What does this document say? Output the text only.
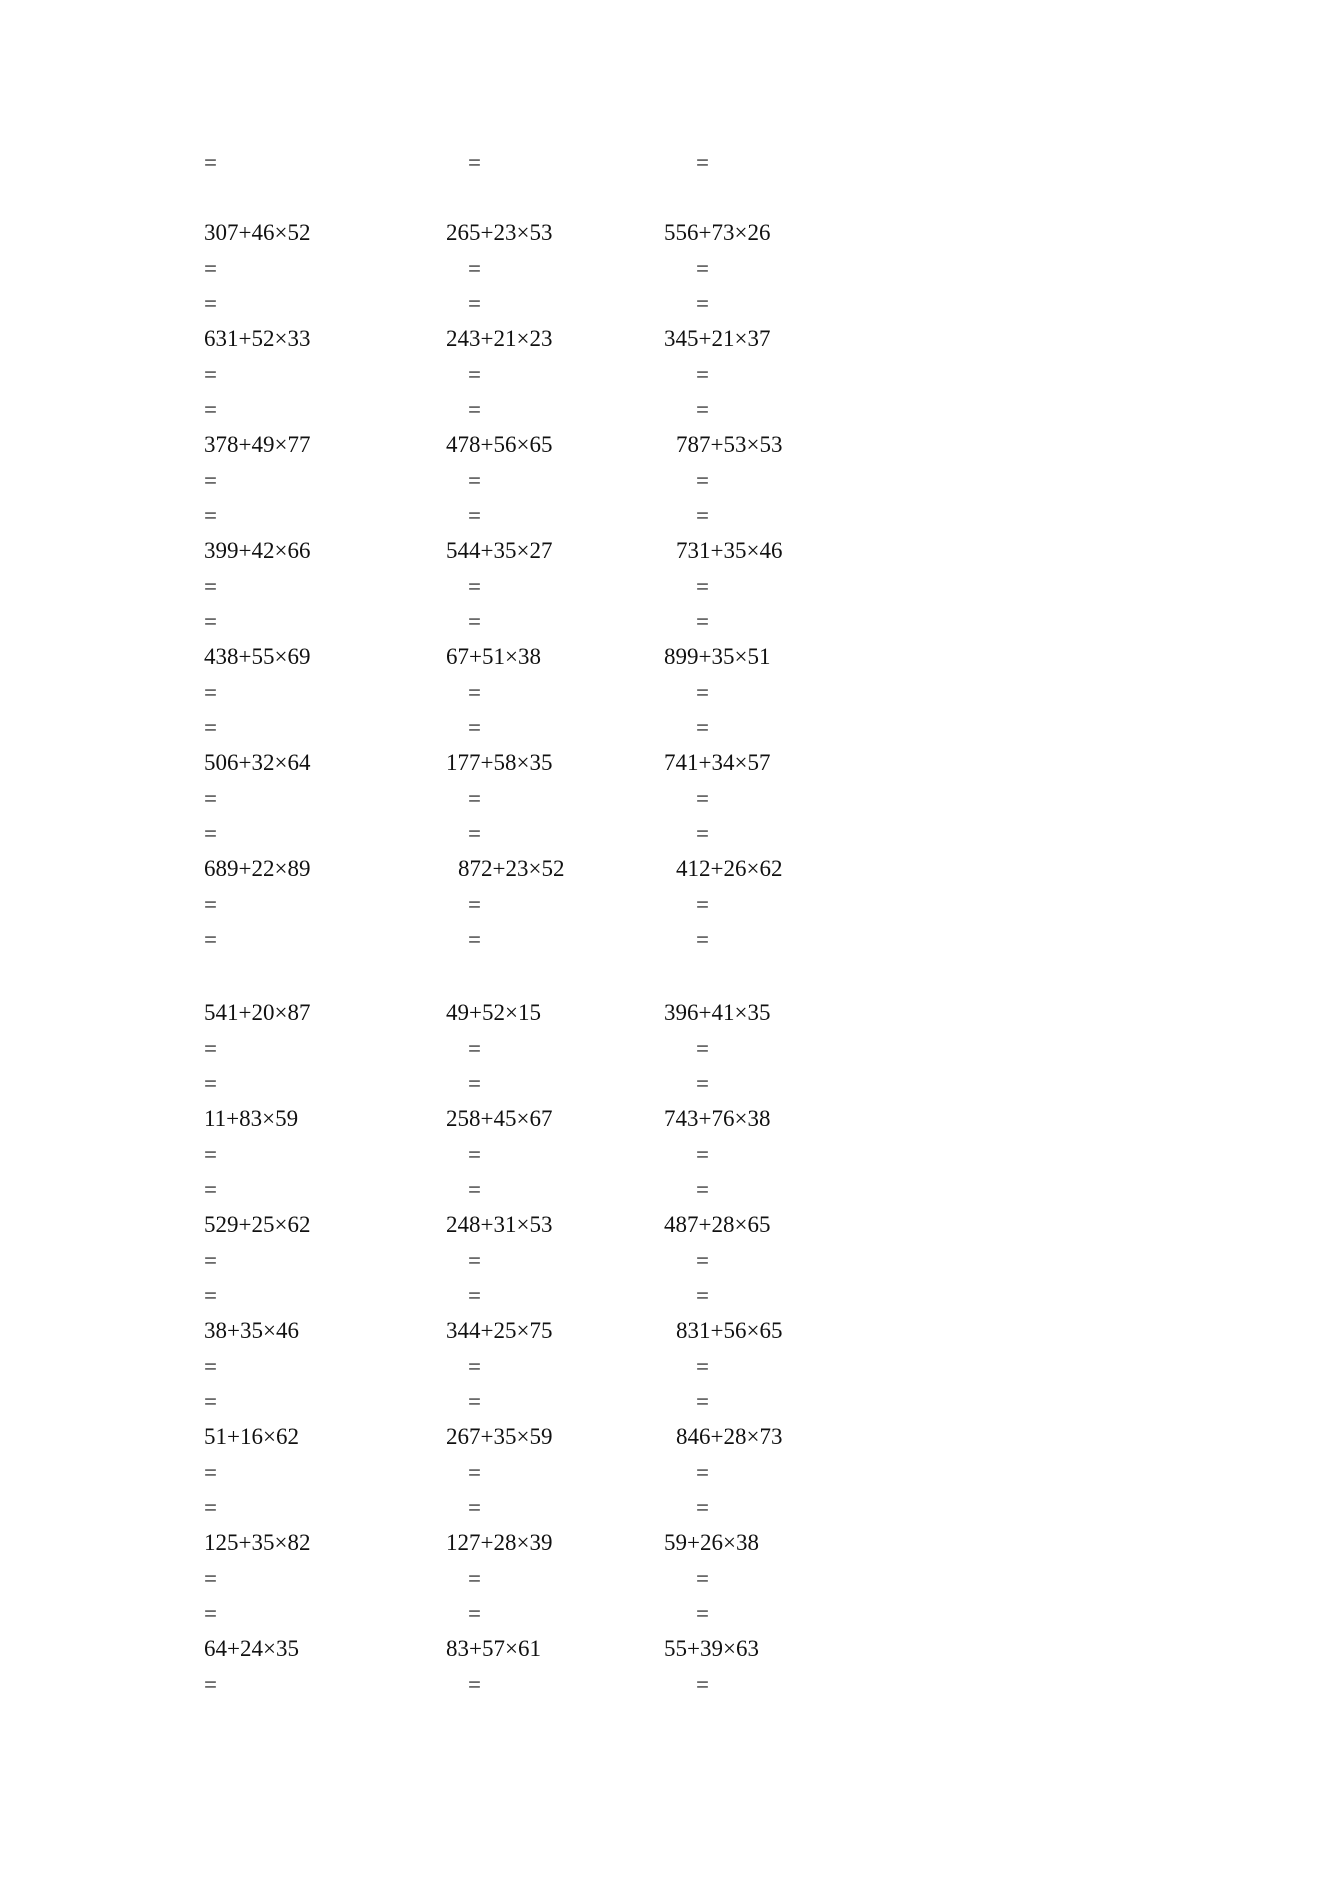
=	=	=
307+46×52
=
=
265+23×53
=
=
556+73×26
=
=
631+52×33
=
=
243+21×23
=
=
345+21×37
=
=
378+49×77
=
=
478+56×65
=
=
787+53×53
=
=
399+42×66
=
=
544+35×27
=
=
731+35×46
=
=
438+55×69
=
=
67+51×38
=
=
899+35×51
=
=
506+32×64
=
=
177+58×35
=
=
741+34×57
=
=
689+22×89
=
=
872+23×52
=
=
412+26×62
=
=
541+20×87
=
=
49+52×15
=
=
396+41×35
=
=
11+83×59
=
=
258+45×67
=
=
743+76×38
=
=
529+25×62
=
=
248+31×53
=
=
487+28×65
=
=
38+35×46
=
=
344+25×75
=
=
831+56×65
=
=
51+16×62
=
=
267+35×59
=
=
846+28×73
=
=
125+35×82
=
=
127+28×39
=
=
59+26×38
=
=
64+24×35
=
83+57×61
=
55+39×63
=
